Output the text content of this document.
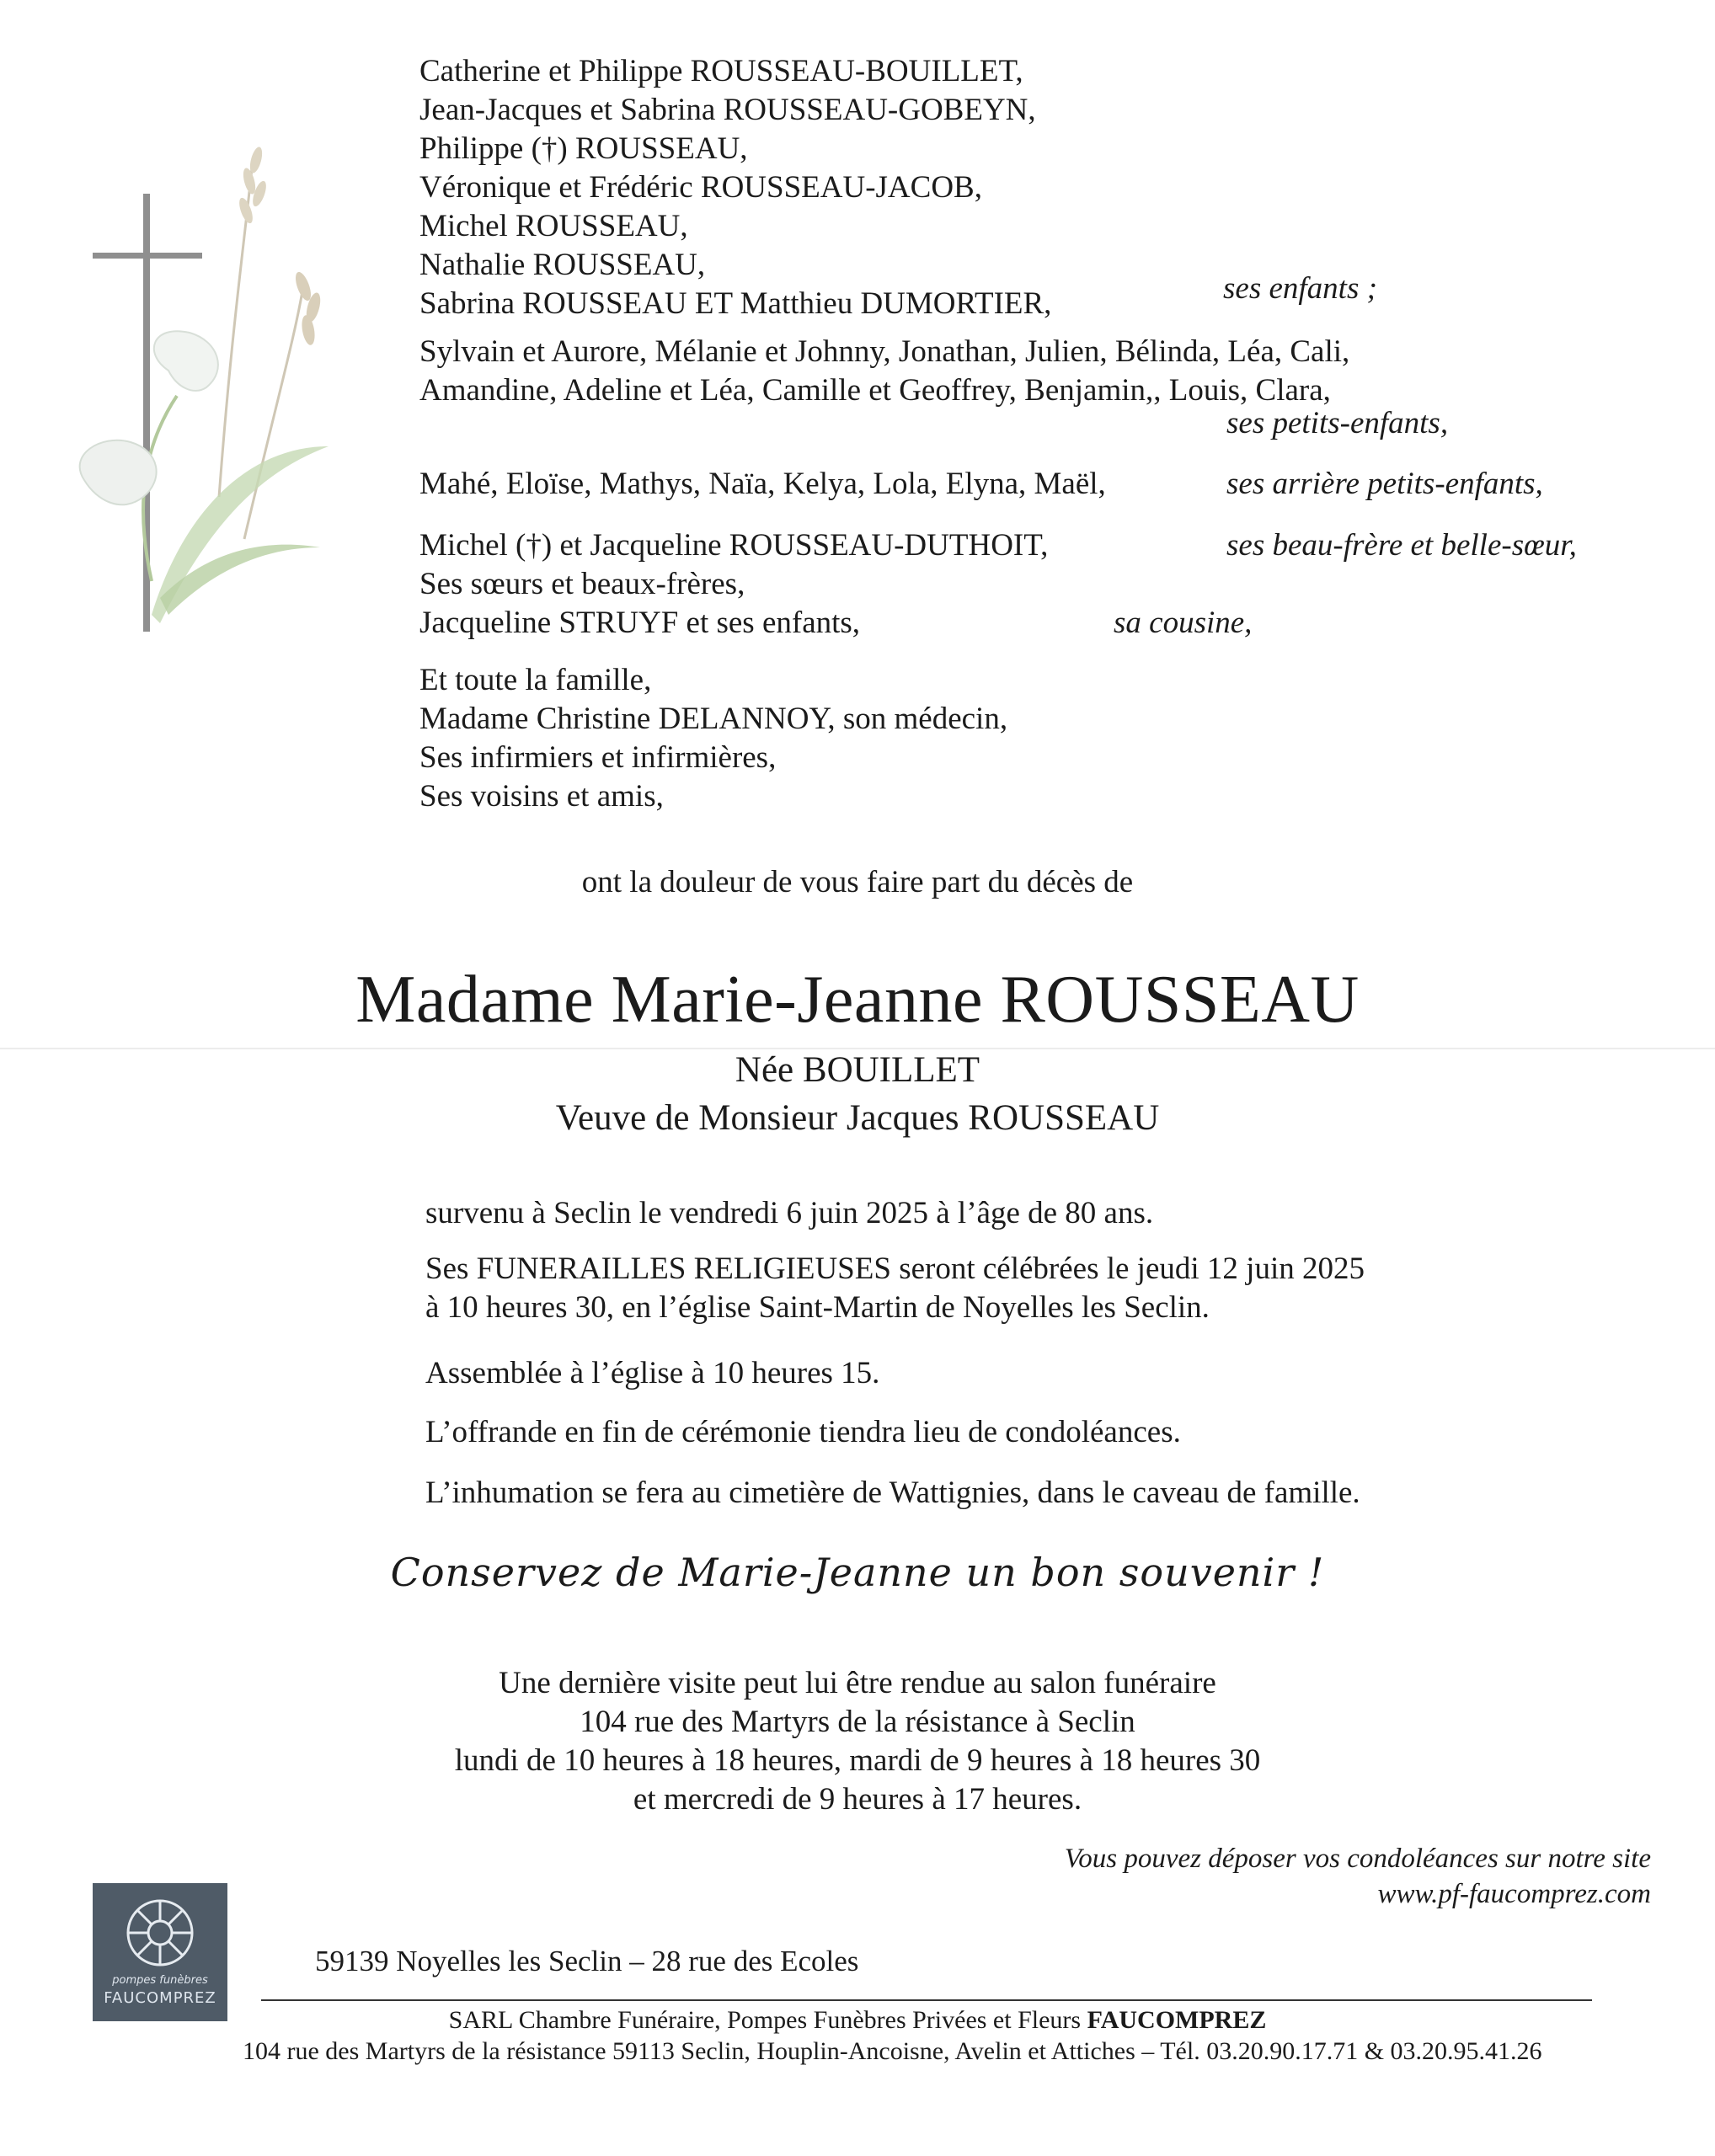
Catherine et Philippe ROUSSEAU-BOUILLET,
Jean-Jacques et Sabrina ROUSSEAU-GOBEYN,
Philippe (†) ROUSSEAU,
Véronique et Frédéric ROUSSEAU-JACOB,
Michel ROUSSEAU,
Nathalie ROUSSEAU,
Sabrina ROUSSEAU ET Matthieu DUMORTIER,	ses enfants ;
Sylvain et Aurore, Mélanie et Johnny, Jonathan, Julien, Bélinda, Léa, Cali,
Amandine, Adeline et Léa, Camille et Geoffrey, Benjamin,, Louis, Clara,
ses petits-enfants,
Mahé, Eloïse, Mathys, Naïa, Kelya, Lola, Elyna, Maël,	ses arrière petits-enfants,
Michel (†) et Jacqueline ROUSSEAU-DUTHOIT,
Ses sœurs et beaux-frères,
Jacqueline STRUYF et ses enfants,
ses beau-frère et belle-sœur,
sa cousine,
Et toute la famille,
Madame Christine DELANNOY, son médecin,
Ses infirmiers et infirmières,
Ses voisins et amis,
ont la douleur de vous faire part du décès de
Madame Marie-Jeanne ROUSSEAU
Née BOUILLET
Veuve de Monsieur Jacques ROUSSEAU
survenu à Seclin le vendredi 6 juin 2025 à l’âge de 80 ans.
Ses FUNERAILLES RELIGIEUSES seront célébrées le jeudi 12 juin 2025
à 10 heures 30, en l’église Saint-Martin de Noyelles les Seclin.
Assemblée à l’église à 10 heures 15.
L’offrande en fin de cérémonie tiendra lieu de condoléances.
L’inhumation se fera au cimetière de Wattignies, dans le caveau de famille.
Conservez de Marie-Jeanne un bon souvenir !
Une dernière visite peut lui être rendue au salon funéraire
104 rue des Martyrs de la résistance à Seclin
lundi de 10 heures à 18 heures, mardi de 9 heures à 18 heures 30
et mercredi de 9 heures à 17 heures.
Vous pouvez déposer vos condoléances sur notre site
www.pf-faucomprez.com
pompes funèbres
FAUCOMPREZ
59139 Noyelles les Seclin – 28 rue des Ecoles
SARL Chambre Funéraire, Pompes Funèbres Privées et Fleurs FAUCOMPREZ
104 rue des Martyrs de la résistance 59113 Seclin, Houplin-Ancoisne, Avelin et Attiches – Tél. 03.20.90.17.71 & 03.20.95.41.26
